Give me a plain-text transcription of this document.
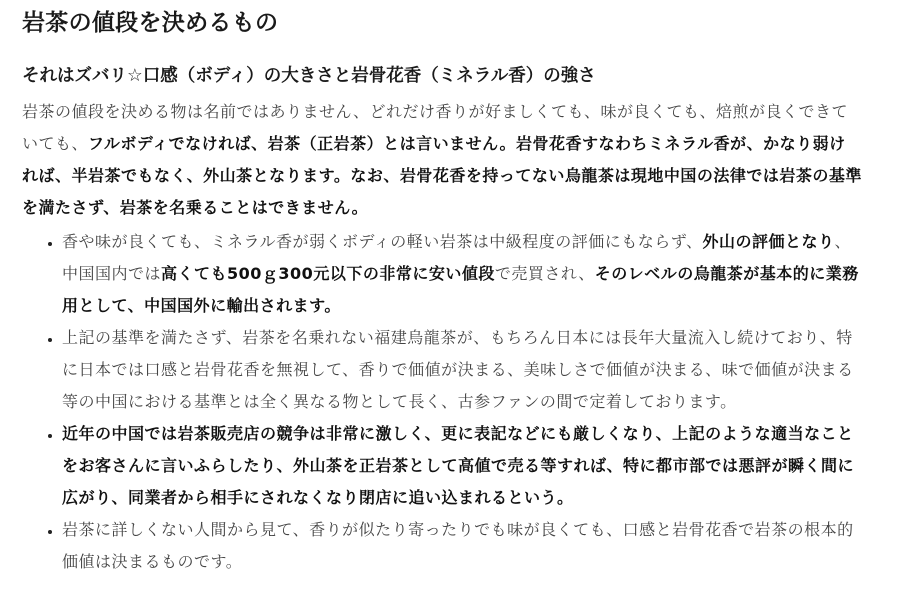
岩茶の値段を決めるもの
それはズバリ☆口感（ボディ）の大きさと岩骨花香（ミネラル香）の強さ

岩茶の値段を決める物は名前ではありません、どれだけ香りが好ましくても、味が良くても、焙煎が良くできていても、フルボディでなければ、岩茶（正岩茶）とは言いません。岩骨花香すなわちミネラル香が、かなり弱ければ、半岩茶でもなく、外山茶となります。なお、岩骨花香を持ってない烏龍茶は現地中国の法律では岩茶の基準を満たさず、岩茶を名乗ることはできません。

• 香や味が良くても、ミネラル香が弱くボディの軽い岩茶は中級程度の評価にもならず、外山の評価となり、中国国内では高くても500ｇ300元以下の非常に安い値段で売買され、そのレベルの烏龍茶が基本的に業務用として、中国国外に輸出されます。
• 上記の基準を満たさず、岩茶を名乗れない福建烏龍茶が、もちろん日本には長年大量流入し続けており、特に日本では口感と岩骨花香を無視して、香りで価値が決まる、美味しさで価値が決まる、味で価値が決まる等の中国における基準とは全く異なる物として長く、古参ファンの間で定着しております。
• 近年の中国では岩茶販売店の競争は非常に激しく、更に表記などにも厳しくなり、上記のような適当なことをお客さんに言いふらしたり、外山茶を正岩茶として高値で売る等すれば、特に都市部では悪評が瞬く間に広がり、同業者から相手にされなくなり閉店に追い込まれるという。
• 岩茶に詳しくない人間から見て、香りが似たり寄ったりでも味が良くても、口感と岩骨花香で岩茶の根本的価値は決まるものです。
